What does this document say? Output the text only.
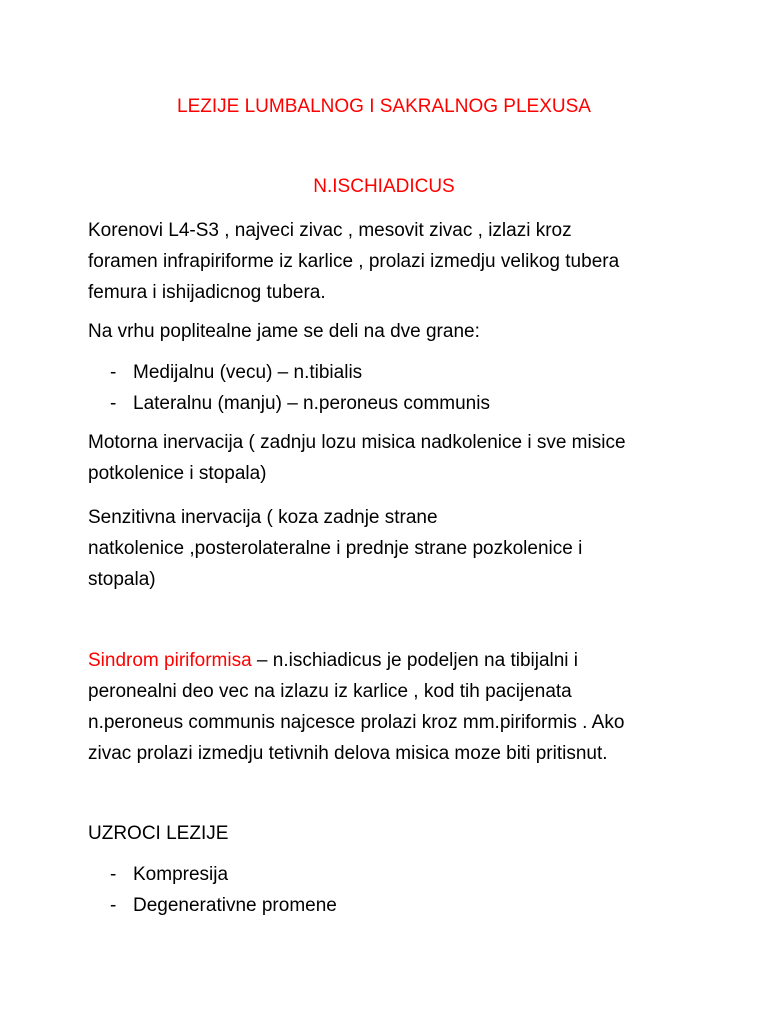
LEZIJE LUMBALNOG I SAKRALNOG PLEXUSA
N.ISCHIADICUS

Korenovi L4-S3 , najveci zivac , mesovit zivac , izlazi kroz
foramen infrapiriforme iz karlice , prolazi izmedju velikog tubera
femura i ishijadicnog tubera.

Na vrhu poplitealne jame se deli na dve grane:

- Medijalnu (vecu) – n.tibialis
- Lateralnu (manju) – n.peroneus communis

Motorna inervacija ( zadnju lozu misica nadkolenice i sve misice
potkolenice i stopala)

Senzitivna inervacija ( koza zadnje strane
natkolenice ,posterolateralne i prednje strane pozkolenice i
stopala)

Sindrom piriformisa – n.ischiadicus je podeljen na tibijalni i
peronealni deo vec na izlazu iz karlice , kod tih pacijenata
n.peroneus communis najcesce prolazi kroz mm.piriformis . Ako
zivac prolazi izmedju tetivnih delova misica moze biti pritisnut.

UZROCI LEZIJE

- Kompresija
- Degenerativne promene
